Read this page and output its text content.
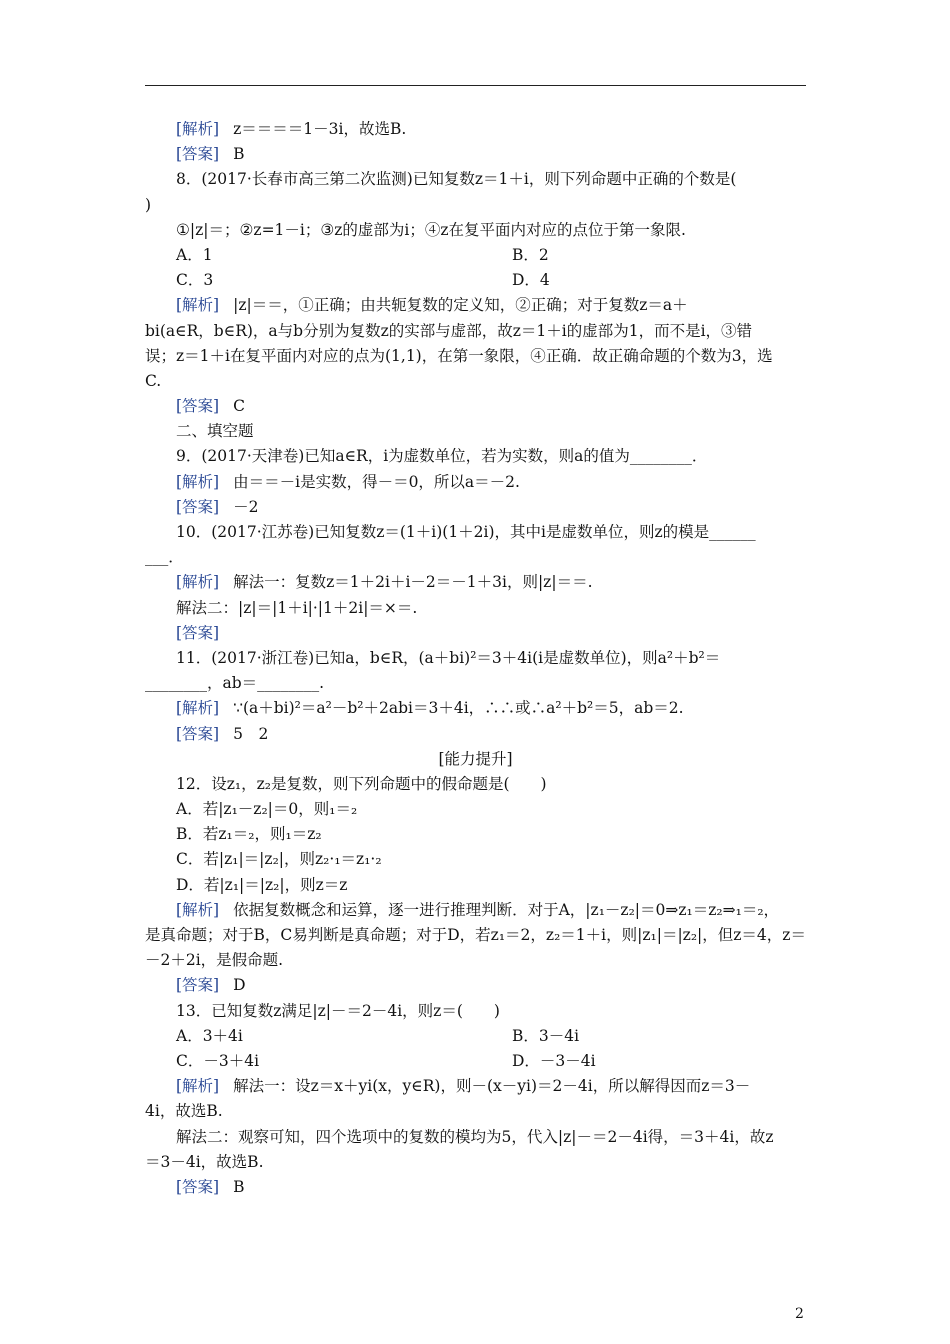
[解析] z＝＝＝＝1－3i，故选B.
[答案] B
8．(2017·长春市高三第二次监测)已知复数z＝1＋i，则下列命题中正确的个数是(
)
①|z|＝；②z=1－i；③z的虚部为i；④z在复平面内对应的点位于第一象限.
A．1	B．2
C．3	D．4
[解析] |z|＝＝，①正确；由共轭复数的定义知，②正确；对于复数z＝a＋
bi(a∈R，b∈R)，a与b分别为复数z的实部与虚部，故z＝1＋i的虚部为1，而不是i，③错
误；z＝1＋i在复平面内对应的点为(1,1)，在第一象限，④正确．故正确命题的个数为3，选
C.
[答案] C
二、填空题
9．(2017·天津卷)已知a∈R，i为虚数单位，若为实数，则a的值为________．
[解析] 由＝＝－i是实数，得－＝0，所以a＝－2.
[答案] －2
10．(2017·江苏卷)已知复数z＝(1＋i)(1＋2i)，其中i是虚数单位，则z的模是______
___．
[解析] 解法一：复数z＝1＋2i＋i－2＝－1＋3i，则|z|＝＝.
解法二：|z|＝|1＋i|·|1＋2i|＝×＝.
[答案]
11．(2017·浙江卷)已知a，b∈R，(a＋bi)²＝3＋4i(i是虚数单位)，则a²＋b²＝
________，ab＝________.
[解析] ∵(a＋bi)²＝a²－b²＋2abi＝3＋4i，∴∴或∴a²＋b²＝5，ab＝2.
[答案] 5　2
[能力提升]
12．设z₁，z₂是复数，则下列命题中的假命题是(　　)
A．若|z₁－z₂|＝0，则₁＝₂
B．若z₁＝₂，则₁＝z₂
C．若|z₁|＝|z₂|，则z₂·₁＝z₁·₂
D．若|z₁|＝|z₂|，则z＝z
[解析] 依据复数概念和运算，逐一进行推理判断．对于A，|z₁－z₂|＝0⇒z₁＝z₂⇒₁＝₂，
是真命题；对于B，C易判断是真命题；对于D，若z₁＝2，z₂＝1＋i，则|z₁|＝|z₂|，但z＝4，z＝
－2＋2i，是假命题.
[答案] D
13．已知复数z满足|z|－＝2－4i，则z＝(　　)
A．3＋4i	B．3－4i
C．－3＋4i	D．－3－4i
[解析] 解法一：设z＝x＋yi(x，y∈R)，则－(x－yi)＝2－4i，所以解得因而z＝3－
4i，故选B.
解法二：观察可知，四个选项中的复数的模均为5，代入|z|－＝2－4i得，＝3＋4i，故z
＝3－4i，故选B.
[答案] B
2
